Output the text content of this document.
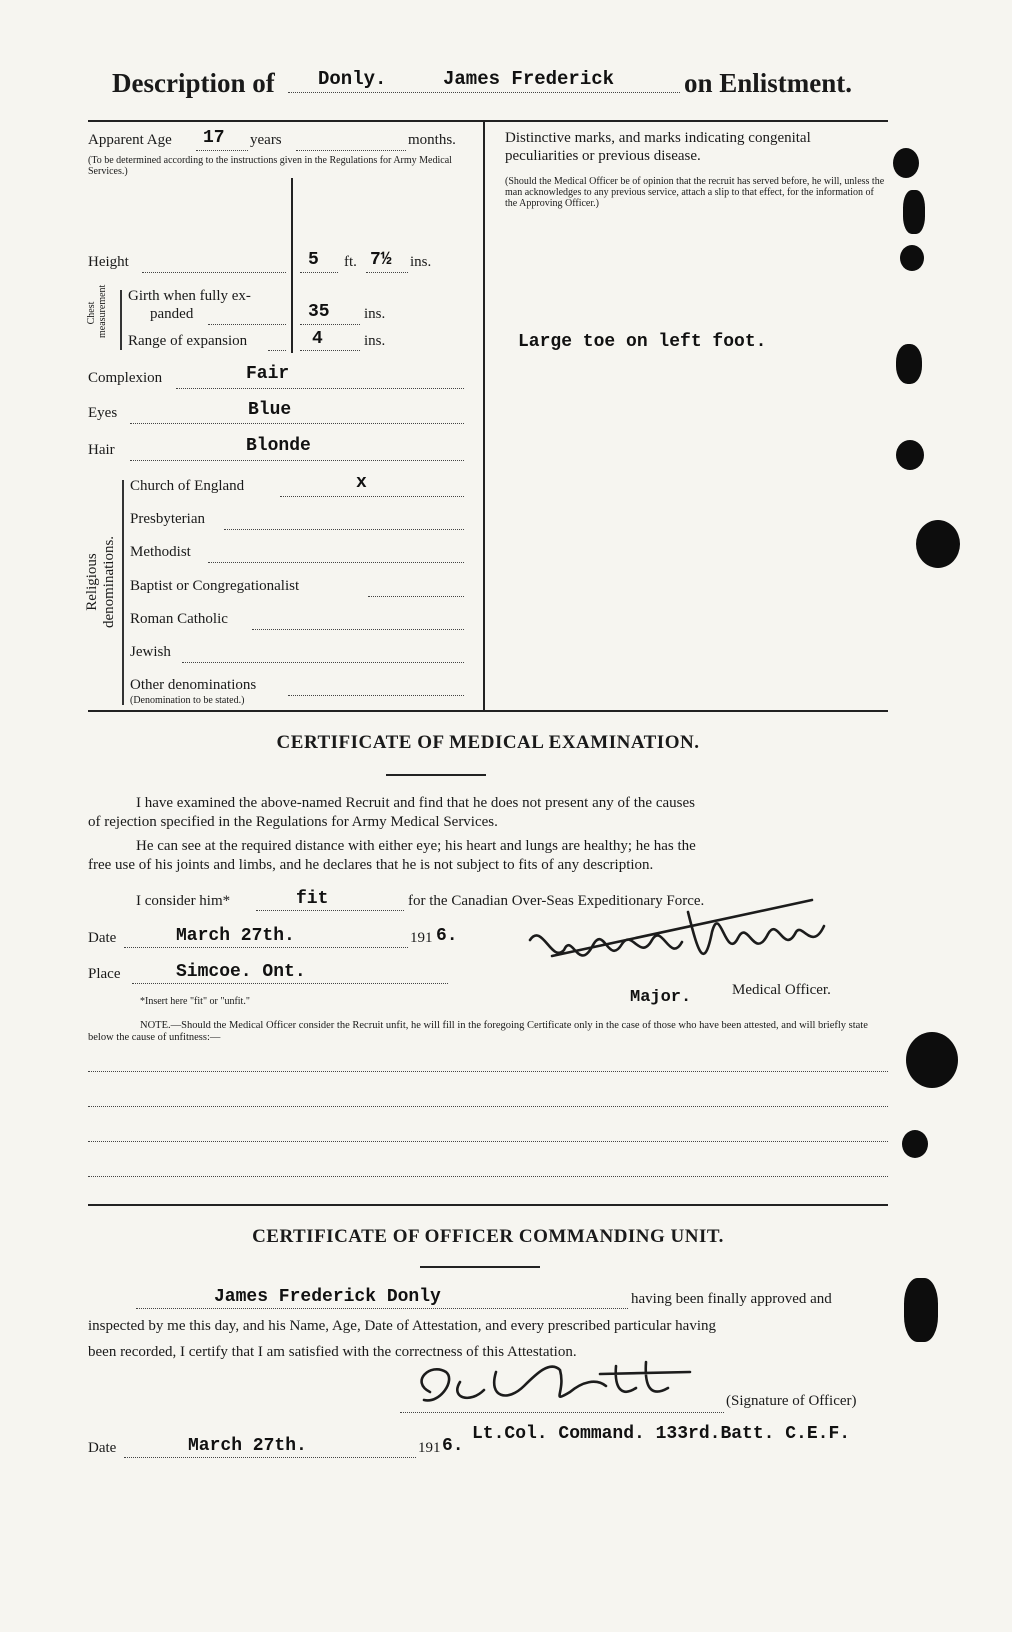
Description of Donly.	James Frederick	on Enlistment.
Apparent Age 17 years	months.
(To be determined according to the instructions given in the Regulations for Army Medical Services.)
Height	5 ft. 7½ ins.
Chest measurement Girth when fully ex-
panded	35 ins.
Range of expansion	4	ins.
Complexion	Fair
Eyes	Blue
Hair	Blonde
Religious denominations.
Church of England	x
Presbyterian
Methodist
Baptist or Congregationalist
Roman Catholic
Jewish
Other denominations
(Denomination to be stated.)
Distinctive marks, and marks indicating congenital
peculiarities or previous disease.
(Should the Medical Officer be of opinion that the recruit has served before, he will, unless the man acknowledges to any previous service, attach a slip to that effect, for the information of the Approving Officer.)
Large toe on left foot.
CERTIFICATE OF MEDICAL EXAMINATION.
I have examined the above-named Recruit and find that he does not present any of the causes
of rejection specified in the Regulations for Army Medical Services.
He can see at the required distance with either eye; his heart and lungs are healthy; he has the
free use of his joints and limbs, and he declares that he is not subject to fits of any description.
I consider him*	fit	for the Canadian Over-Seas Expeditionary Force.
Date	March 27th.	191 6.
Place	Simcoe. Ont.
*Insert here "fit" or "unfit."	Major.	Medical Officer.
NOTE.—Should the Medical Officer consider the Recruit unfit, he will fill in the foregoing Certificate only in the case of those who have been attested, and will briefly state below the cause of unfitness:—
CERTIFICATE OF OFFICER COMMANDING UNIT.
James Frederick Donly	having been finally approved and
inspected by me this day, and his Name, Age, Date of Attestation, and every prescribed particular having
been recorded, I certify that I am satisfied with the correctness of this Attestation.
(Signature of Officer)
Date	March 27th.	191 6.
Lt.Col. Command. 133rd.Batt. C.E.F.
